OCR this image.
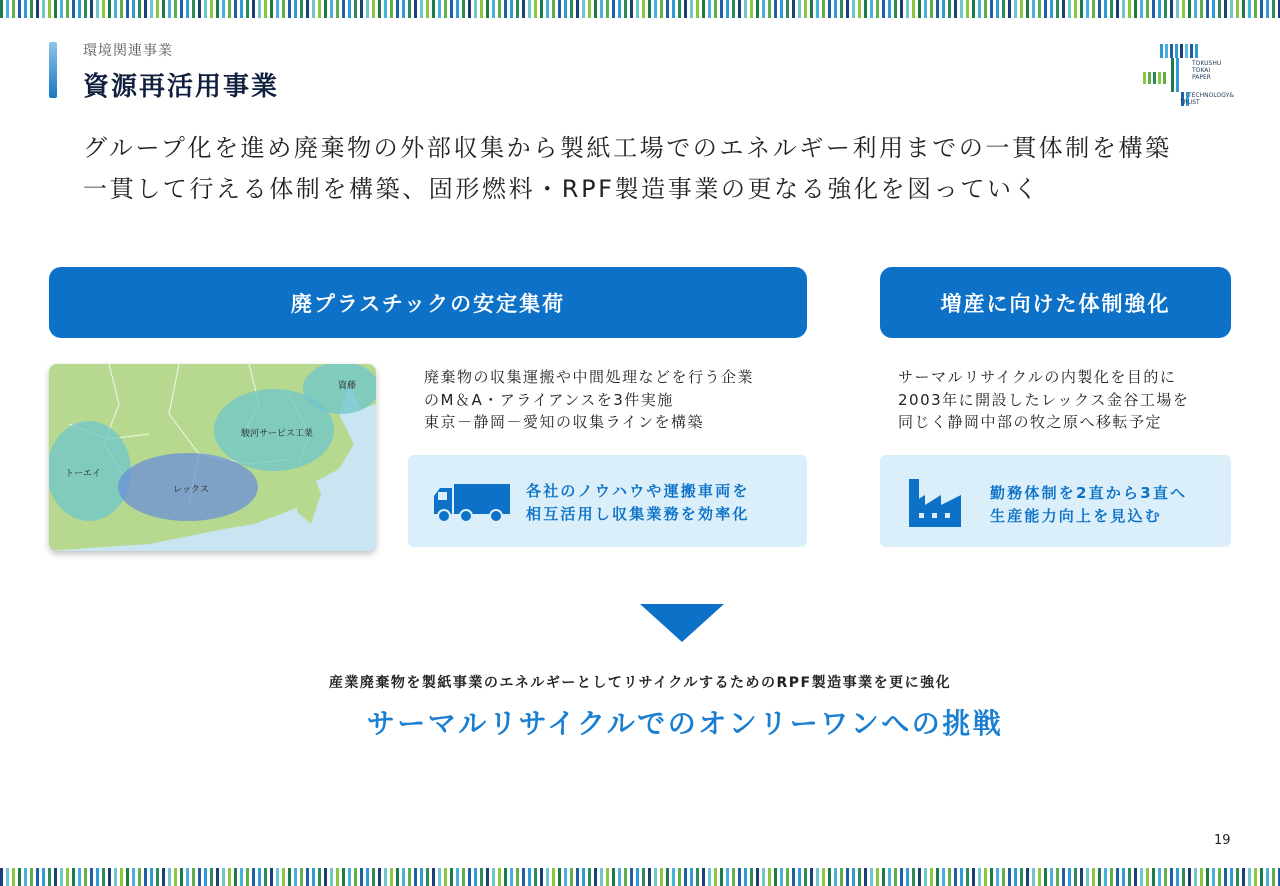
環境関連事業
資源再活用事業
TOKUSHU
TOKAI
PAPER
TECHNOLOGY&
TRUST
グループ化を進め廃棄物の外部収集から製紙工場でのエネルギー利用までの一貫体制を構築
一貫して行える体制を構築、固形燃料・RPF製造事業の更なる強化を図っていく
廃プラスチックの安定集荷	増産に向けた体制強化
駿河サービス工業
トーエイ
レックス
資藤	廃棄物の収集運搬や中間処理などを行う企業
のM＆A・アライアンスを3件実施
東京－静岡－愛知の収集ラインを構築
サーマルリサイクルの内製化を目的に
2003年に開設したレックス金谷工場を
同じく静岡中部の牧之原へ移転予定
各社のノウハウや運搬車両を
相互活用し収集業務を効率化
勤務体制を2直から3直へ
生産能力向上を見込む
産業廃棄物を製紙事業のエネルギーとしてリサイクルするためのRPF製造事業を更に強化
サーマルリサイクルでのオンリーワンへの挑戦
19
